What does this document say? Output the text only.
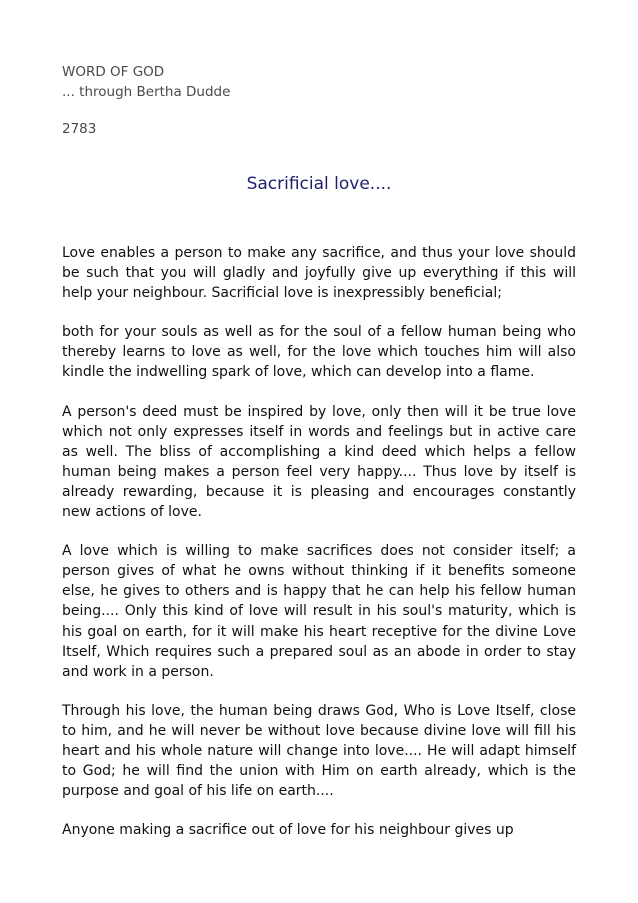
WORD OF GOD
... through Bertha Dudde
2783
Sacrificial love....

Love enables a person to make any sacrifice, and thus your love should be such that you will gladly and joyfully give up everything if this will help your neighbour. Sacrificial love is inexpressibly beneficial;

both for your souls as well as for the soul of a fellow human being who thereby learns to love as well, for the love which touches him will also kindle the indwelling spark of love, which can develop into a flame.

A person's deed must be inspired by love, only then will it be true love which not only expresses itself in words and feelings but in active care as well. The bliss of accomplishing a kind deed which helps a fellow human being makes a person feel very happy.... Thus love by itself is already rewarding, because it is pleasing and encourages constantly new actions of love.

A love which is willing to make sacrifices does not consider itself; a person gives of what he owns without thinking if it benefits someone else, he gives to others and is happy that he can help his fellow human being.... Only this kind of love will result in his soul's maturity, which is his goal on earth, for it will make his heart receptive for the divine Love Itself, Which requires such a prepared soul as an abode in order to stay and work in a person.

Through his love, the human being draws God, Who is Love Itself, close to him, and he will never be without love because divine love will fill his heart and his whole nature will change into love.... He will adapt himself to God; he will find the union with Him on earth already, which is the purpose and goal of his life on earth....

Anyone making a sacrifice out of love for his neighbour gives up
